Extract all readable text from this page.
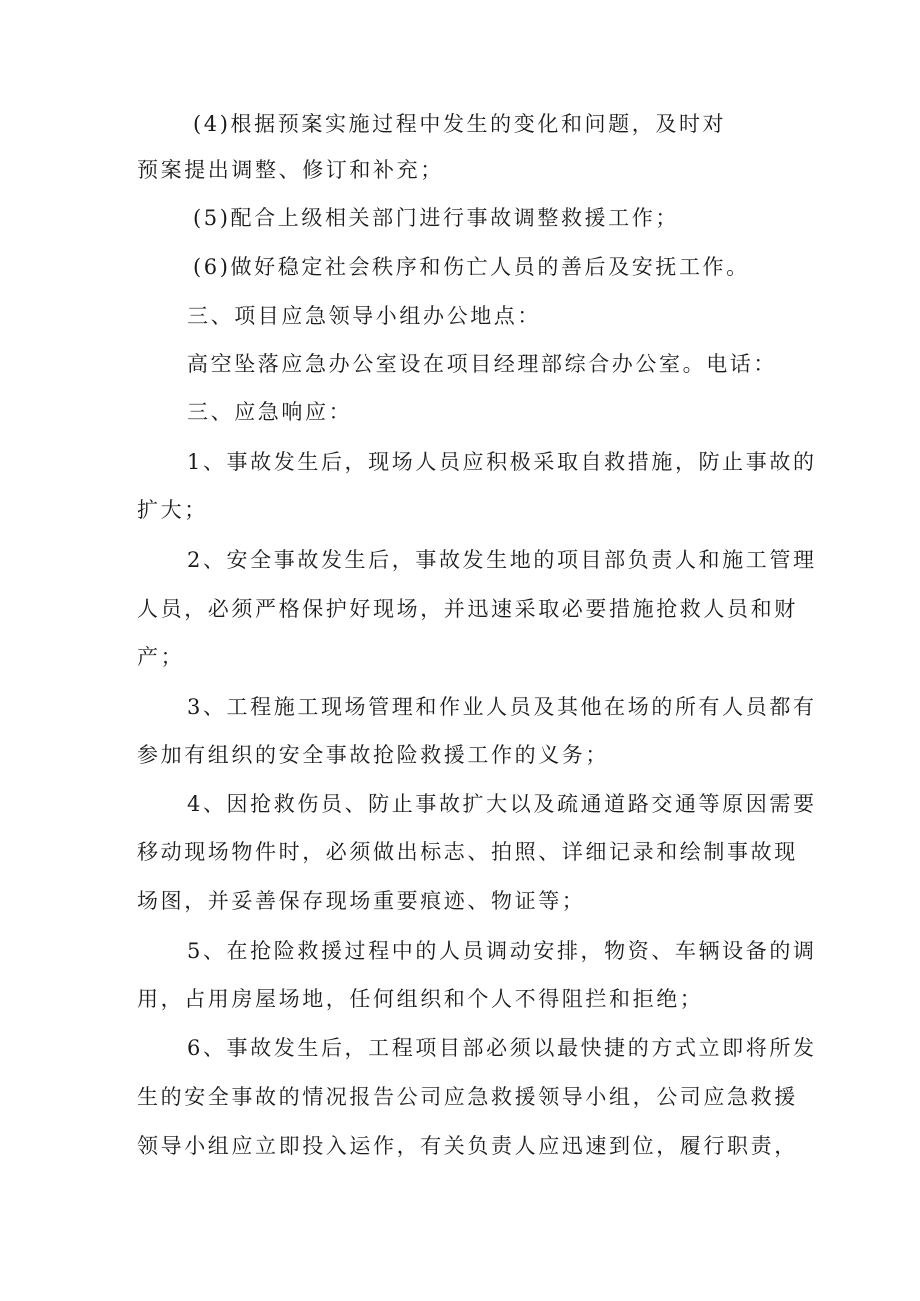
(4)根据预案实施过程中发生的变化和问题，及时对
预案提出调整、修订和补充；
(5)配合上级相关部门进行事故调整救援工作；
(6)做好稳定社会秩序和伤亡人员的善后及安抚工作。
三、项目应急领导小组办公地点：
高空坠落应急办公室设在项目经理部综合办公室。电话：
三、应急响应：
1、事故发生后，现场人员应积极采取自救措施，防止事故的
扩大；
2、安全事故发生后，事故发生地的项目部负责人和施工管理
人员，必须严格保护好现场，并迅速采取必要措施抢救人员和财
产；
3、工程施工现场管理和作业人员及其他在场的所有人员都有
参加有组织的安全事故抢险救援工作的义务；
4、因抢救伤员、防止事故扩大以及疏通道路交通等原因需要
移动现场物件时，必须做出标志、拍照、详细记录和绘制事故现
场图，并妥善保存现场重要痕迹、物证等；
5、在抢险救援过程中的人员调动安排，物资、车辆设备的调
用，占用房屋场地，任何组织和个人不得阻拦和拒绝；
6、事故发生后，工程项目部必须以最快捷的方式立即将所发
生的安全事故的情况报告公司应急救援领导小组，公司应急救援
领导小组应立即投入运作，有关负责人应迅速到位，履行职责，
